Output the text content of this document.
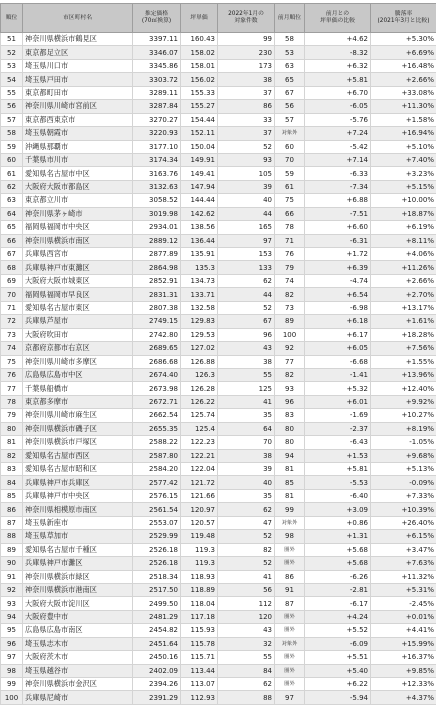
順位	市区町村名	推定価格
(70㎡換算)	坪単価	2022年1月の
対象件数	前月順位	前月との
坪単価の比較	騰落率
(2021年3月と比較)
51	神奈川県横浜市鶴見区	3397.11	160.43	99	58	+4.62	+5.30%
52	東京都足立区	3346.07	158.02	230	53	-8.32	+6.69%
53	埼玉県川口市	3345.86	158.01	173	63	+6.32	+16.48%
54	埼玉県戸田市	3303.72	156.02	38	65	+5.81	+2.66%
55	東京都町田市	3289.11	155.33	37	67	+6.70	+33.08%
56	神奈川県川崎市宮前区	3287.84	155.27	86	56	-6.05	+11.30%
57	東京都西東京市	3270.27	154.44	33	57	-5.76	+1.58%
58	埼玉県朝霞市	3220.93	152.11	37	対象外	+7.24	+16.94%
59	沖縄県那覇市	3177.10	150.04	52	60	-5.42	+5.10%
60	千葉県市川市	3174.34	149.91	93	70	+7.14	+7.40%
61	愛知県名古屋市中区	3163.76	149.41	105	59	-6.33	+3.23%
62	大阪府大阪市都島区	3132.63	147.94	39	61	-7.34	+5.15%
63	東京都立川市	3058.52	144.44	40	75	+6.88	+10.00%
64	神奈川県茅ヶ崎市	3019.98	142.62	44	66	-7.51	+18.87%
65	福岡県福岡市中央区	2934.01	138.56	165	78	+6.60	+6.19%
66	神奈川県横浜市南区	2889.12	136.44	97	71	-6.31	+8.11%
67	兵庫県西宮市	2877.89	135.91	153	76	+1.72	+4.06%
68	兵庫県神戸市東灘区	2864.98	135.3	133	79	+6.39	+11.26%
69	大阪府大阪市城東区	2852.91	134.73	62	74	-4.74	+2.66%
70	福岡県福岡市早良区	2831.31	133.71	44	82	+6.54	+2.70%
71	愛知県名古屋市東区	2807.38	132.58	52	73	-6.98	+13.17%
72	兵庫県芦屋市	2749.15	129.83	67	89	+6.18	+1.61%
73	大阪府吹田市	2742.80	129.53	96	100	+6.17	+18.28%
74	京都府京都市右京区	2689.65	127.02	43	92	+6.05	+7.56%
75	神奈川県川崎市多摩区	2686.68	126.88	38	77	-6.68	+1.55%
76	広島県広島市中区	2674.40	126.3	55	82	-1.41	+13.96%
77	千葉県船橋市	2673.98	126.28	125	93	+5.32	+12.40%
78	東京都多摩市	2672.71	126.22	41	96	+6.01	+9.92%
79	神奈川県川崎市麻生区	2662.54	125.74	35	83	-1.69	+10.27%
80	神奈川県横浜市磯子区	2655.35	125.4	64	80	-2.37	+8.19%
81	神奈川県横浜市戸塚区	2588.22	122.23	70	80	-6.43	-1.05%
82	愛知県名古屋市西区	2587.80	122.21	38	94	+1.53	+9.68%
83	愛知県名古屋市昭和区	2584.20	122.04	39	81	+5.81	+5.13%
84	兵庫県神戸市兵庫区	2577.42	121.72	40	85	-5.53	-0.09%
85	兵庫県神戸市中央区	2576.15	121.66	35	81	-6.40	+7.33%
86	神奈川県相模原市南区	2561.54	120.97	62	99	+3.09	+10.39%
87	埼玉県新座市	2553.07	120.57	47	対象外	+0.86	+26.40%
88	埼玉県草加市	2529.99	119.48	52	98	+1.31	+6.15%
89	愛知県名古屋市千種区	2526.18	119.3	82	圏外	+5.68	+3.47%
90	兵庫県神戸市灘区	2526.18	119.3	52	圏外	+5.68	+7.63%
91	神奈川県横浜市緑区	2518.34	118.93	41	86	-6.26	+11.32%
92	神奈川県横浜市港南区	2517.50	118.89	56	91	-2.81	+5.31%
93	大阪府大阪市淀川区	2499.50	118.04	112	87	-6.17	-2.45%
94	大阪府豊中市	2481.29	117.18	120	圏外	+4.24	+0.01%
95	広島県広島市南区	2454.82	115.93	43	圏外	+5.52	+4.41%
96	埼玉県志木市	2451.64	115.78	32	対象外	-6.09	+15.99%
97	大阪府茨木市	2450.16	115.71	55	圏外	+5.51	+16.37%
98	埼玉県越谷市	2402.09	113.44	84	圏外	+5.40	+9.85%
99	神奈川県横浜市金沢区	2394.26	113.07	62	圏外	+6.22	+12.33%
100	兵庫県尼崎市	2391.29	112.93	88	97	-5.94	+4.37%
